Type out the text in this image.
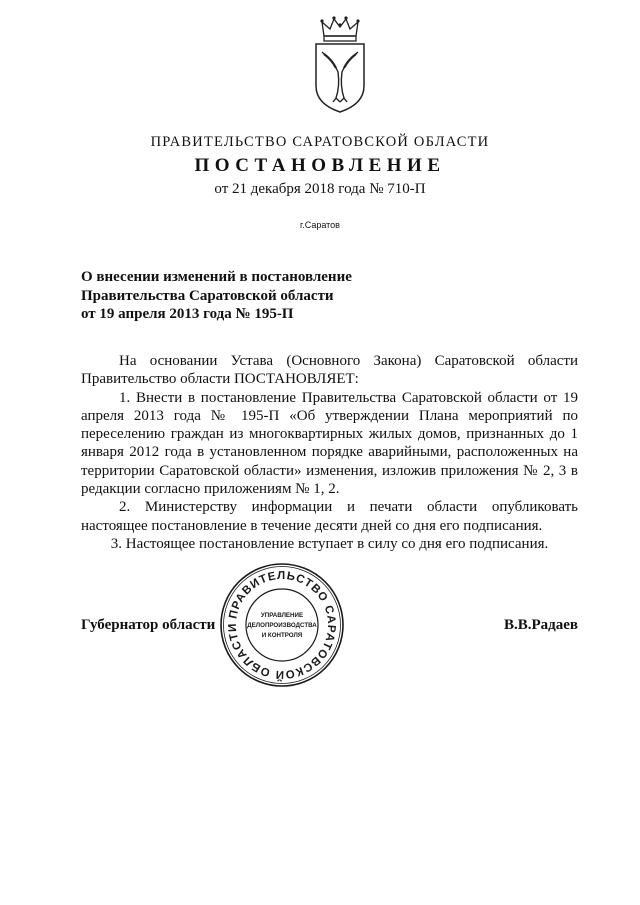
ПРАВИТЕЛЬСТВО САРАТОВСКОЙ ОБЛАСТИ
ПОСТАНОВЛЕНИЕ
от 21 декабря 2018 года № 710-П
г.Саратов
О внесении изменений в постановление
Правительства Саратовской области
от 19 апреля 2013 года № 195-П
На основании Устава (Основного Закона) Саратовской области Правительство области ПОСТАНОВЛЯЕТ:
1. Внести в постановление Правительства Саратовской области от 19 апреля 2013 года № 195-П «Об утверждении Плана мероприятий по переселению граждан из многоквартирных жилых домов, признанных до 1 января 2012 года в установленном порядке аварийными, расположенных на территории Саратовской области» изменения, изложив приложения № 2, 3 в редакции согласно приложениям № 1, 2.
2. Министерству информации и печати области опубликовать настоящее постановление в течение десяти дней со дня его подписания.
3. Настоящее постановление вступает в силу со дня его подписания.
Губернатор области	В.В.Радаев
ПРАВИТЕЛЬСТВО САРАТОВСКОЙ ОБЛАСТИ
УПРАВЛЕНИЕ
ДЕЛОПРОИЗВОДСТВА
И КОНТРОЛЯ
